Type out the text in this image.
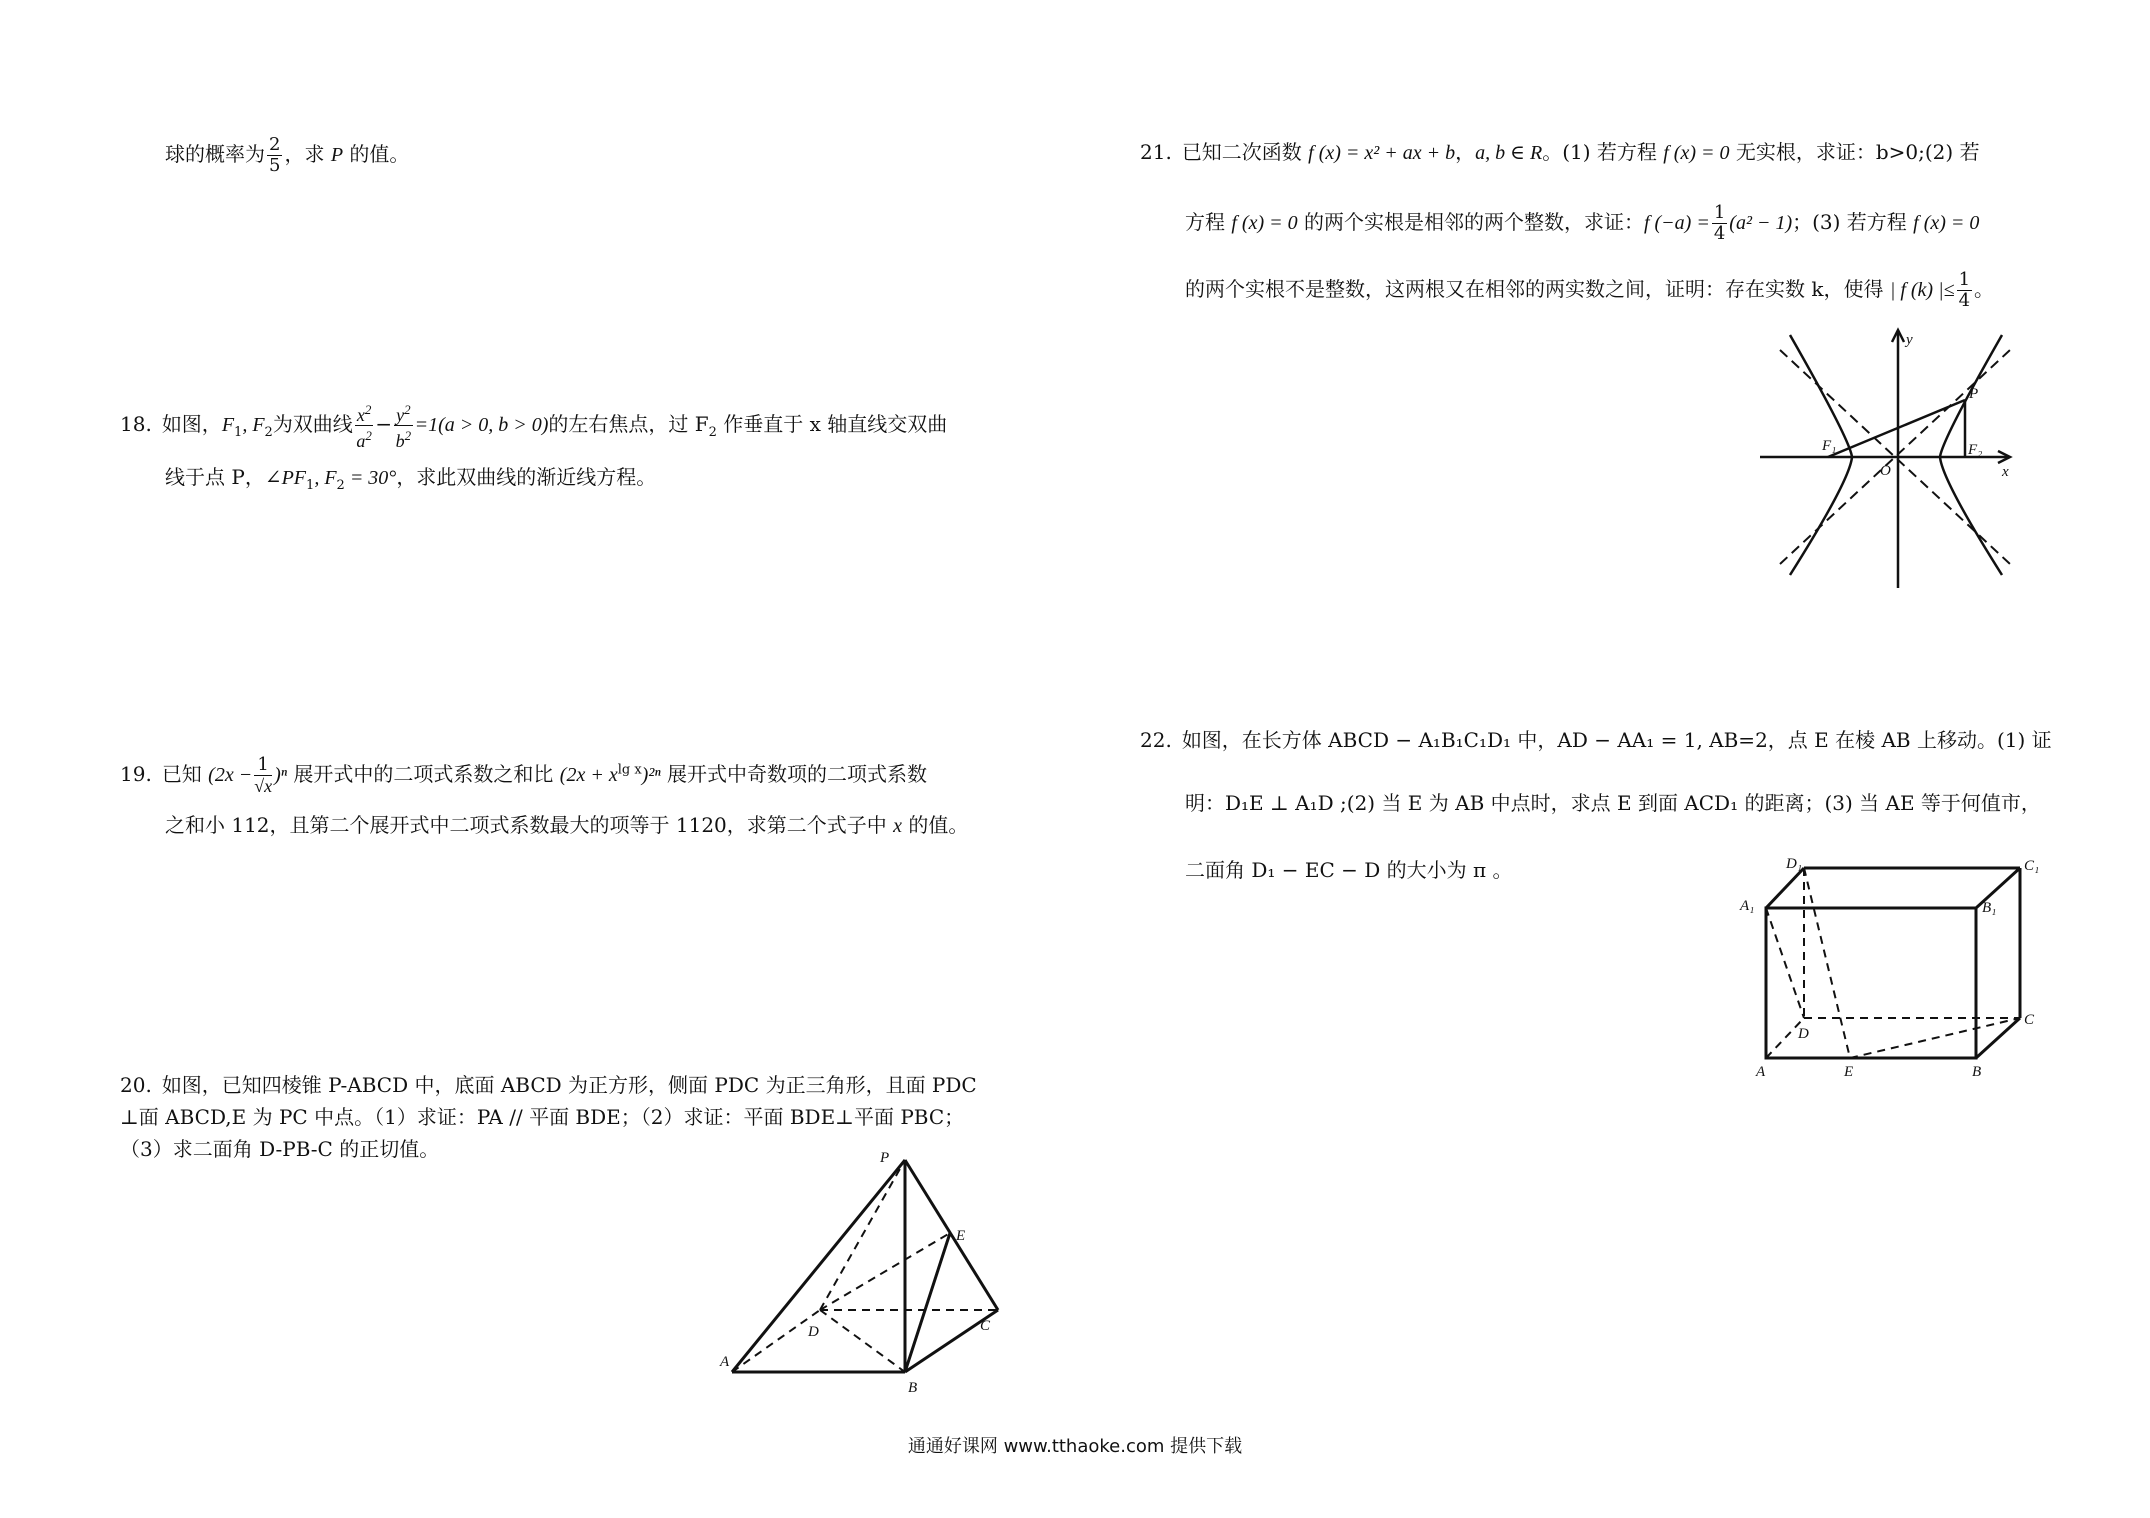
球的概率为 $\frac{2}{5}$ ，求 P 的值。
18. 如图，$F_1$, $F_2$为双曲线 $\frac{x^2}{a^2} - \frac{y^2}{b^2} =1(a > 0$, b > 0)的左右焦点，过 $F_2$ 作垂直于 x 轴直线交双曲
线于点 P，$\angle PF_1$, $F_2 = 30^\circ$，求此双曲线的渐近线方程。
19. 已知 $(2x - \frac{1}{√x} )^n$ 展开式中的二项式系数之和比 $(2x + x^{lg x})^{2n}$ 展开式中奇数项的二项式系数
之和小 112，且第二个展开式中二项式系数最大的项等于 1120，求第二个式子中 x 的值。
20. 如图，已知四棱锥 P-ABCD 中，底面 ABCD 为正方形，侧面 PDC 为正三角形，且面 PDC
⊥面 ABCD,E 为 PC 中点。（1）求证：PA // 平面 BDE；（2）求证：平面 BDE⊥平面 PBC；
（3）求二面角 D-PB-C 的正切值。	P
E
C
D
A
B
21. 已知二次函数 f (x) = x² + ax + b，a, b ∈ R。(1) 若方程 f (x) = 0 无实根，求证：b>0;(2) 若
方程 f (x) = 0 的两个实根是相邻的两个整数，求证：f $(-a) = \frac{1}{4} (a^2 - 1)$；(3) 若方程 f (x) = 0
的两个实根不是整数，这两根又在相邻的两实数之间，证明：存在实数 k，使得 | f (k) |≤ $\frac{1}{4}$ 。
y
F₁
O
F₂
P
x
22. 如图，在长方体 ABCD − A₁B₁C₁D₁ 中，AD − AA₁ = 1, AB=2，点 E 在棱 AB 上移动。(1) 证
明：D₁E ⊥ A₁D ;(2) 当 E 为 AB 中点时，求点 E 到面 ACD₁ 的距离；(3) 当 AE 等于何值市，
二面角 D₁ − EC − D 的大小为 π 。	D₁	C₁
A₁	B₁
D
C
A	E	B
通通好课网 www.tthaoke.com 提供下载
